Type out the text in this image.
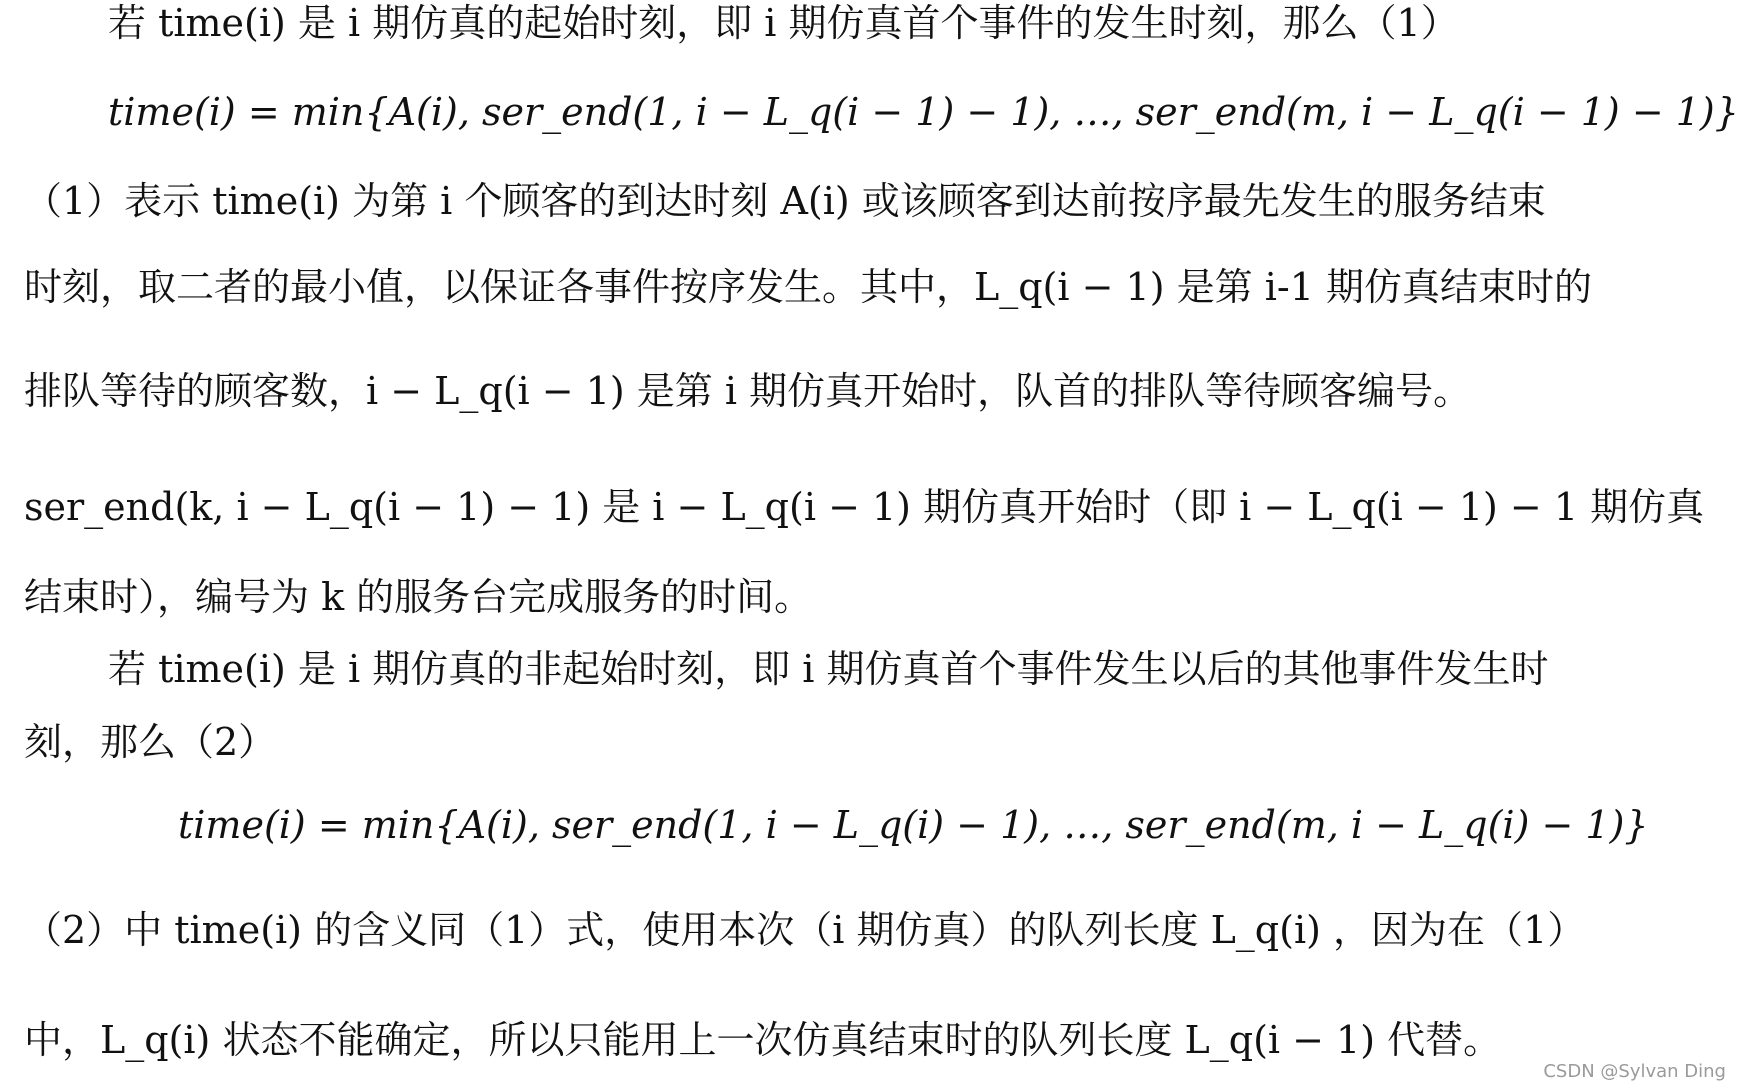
若 time(i) 是 i 期仿真的起始时刻，即 i 期仿真首个事件的发生时刻，那么（1）
time(i) = min{A(i), ser_end(1, i − L_q(i − 1) − 1), …, ser_end(m, i − L_q(i − 1) − 1)}
（1）表示 time(i) 为第 i 个顾客的到达时刻 A(i) 或该顾客到达前按序最先发生的服务结束
时刻，取二者的最小值，以保证各事件按序发生。其中，L_q(i − 1) 是第 i-1 期仿真结束时的
排队等待的顾客数，i − L_q(i − 1) 是第 i 期仿真开始时，队首的排队等待顾客编号。
ser_end(k, i − L_q(i − 1) − 1) 是 i − L_q(i − 1) 期仿真开始时（即 i − L_q(i − 1) − 1 期仿真
结束时），编号为 k 的服务台完成服务的时间。
若 time(i) 是 i 期仿真的非起始时刻，即 i 期仿真首个事件发生以后的其他事件发生时
刻，那么（2）
time(i) = min{A(i), ser_end(1, i − L_q(i) − 1), …, ser_end(m, i − L_q(i) − 1)}
（2）中 time(i) 的含义同（1）式，使用本次（i 期仿真）的队列长度 L_q(i) ，因为在（1）
中，L_q(i) 状态不能确定，所以只能用上一次仿真结束时的队列长度 L_q(i − 1) 代替。
CSDN @Sylvan Ding
